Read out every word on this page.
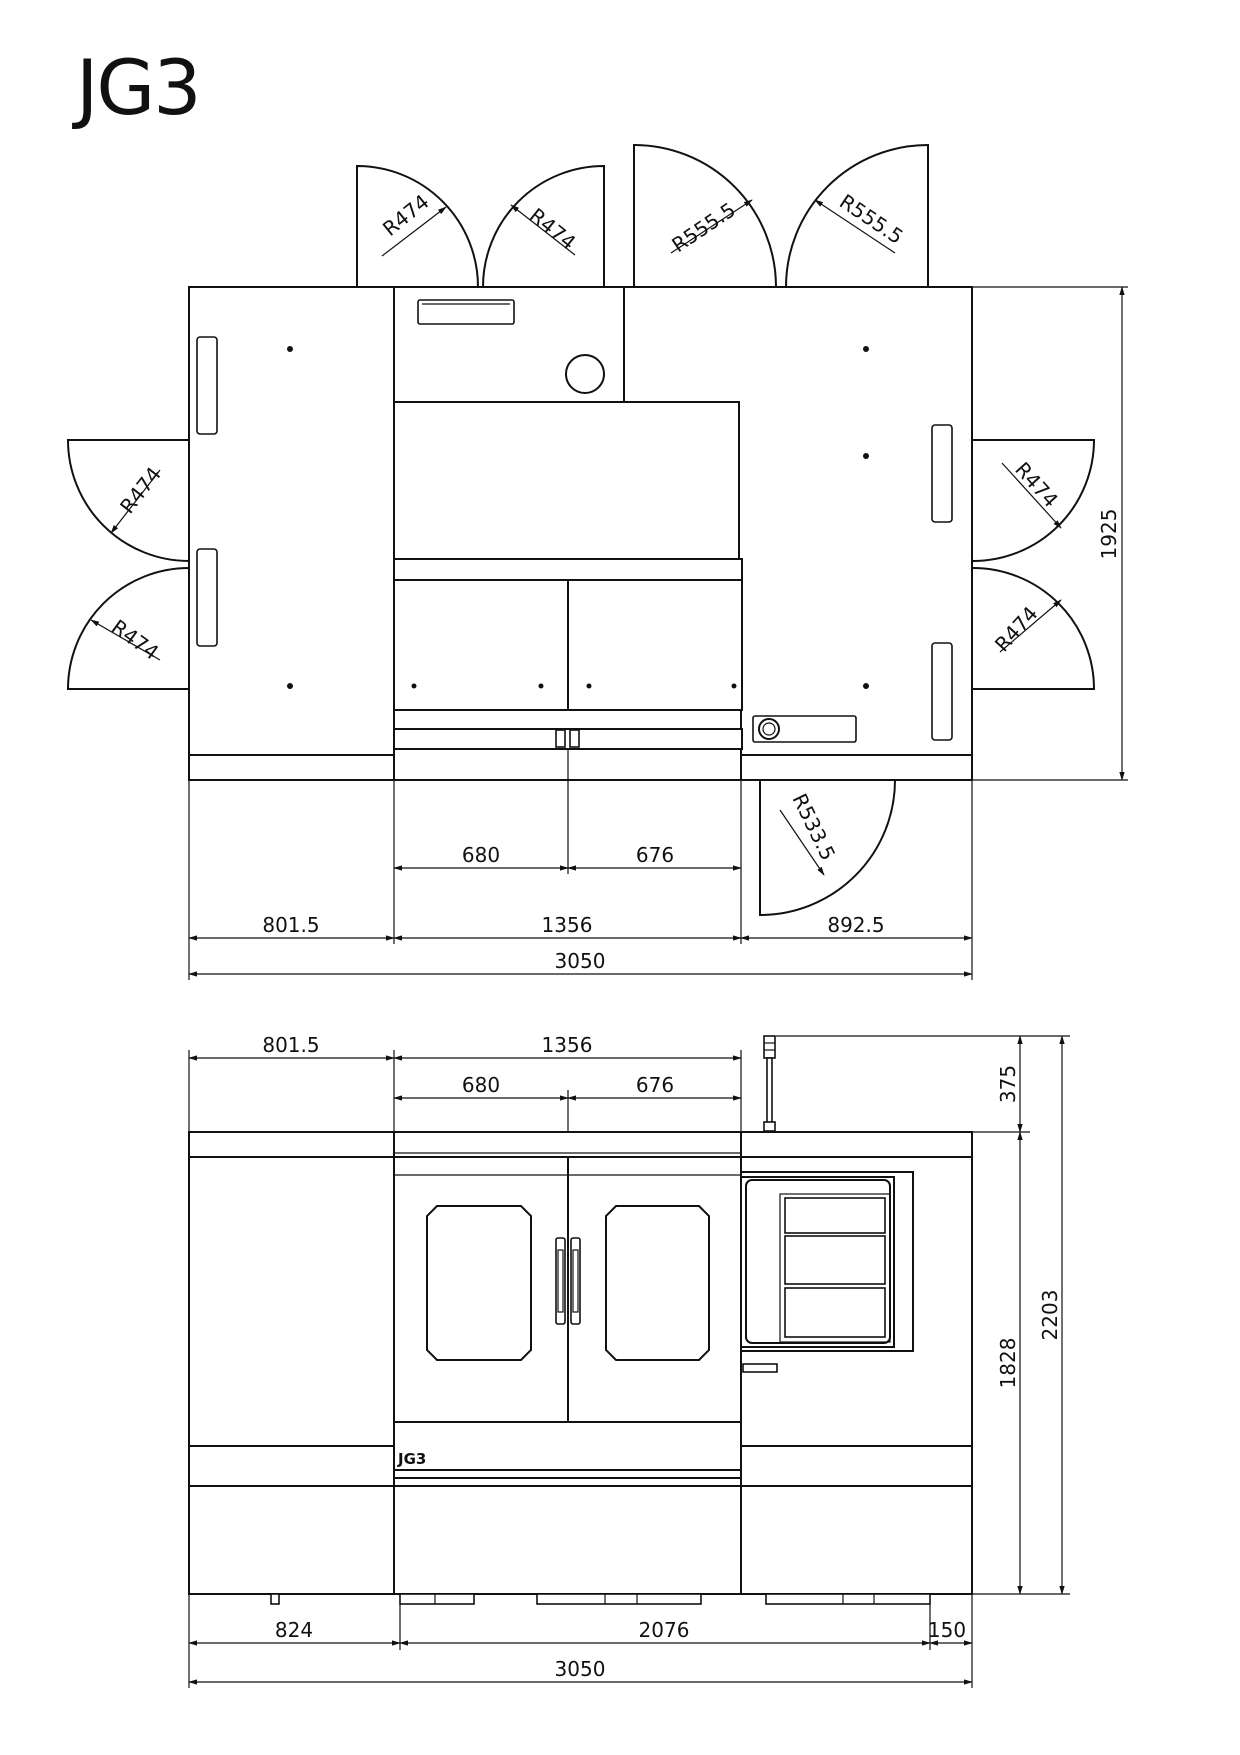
JG3
R474	R474	R555.5	R555.5
R474
R474
R474
R474
R533.5
680	676
801.5	1356	892.5
3050
1925
JG3
801.5	1356
680	676	375
1828
2203
824	2076	150
3050
